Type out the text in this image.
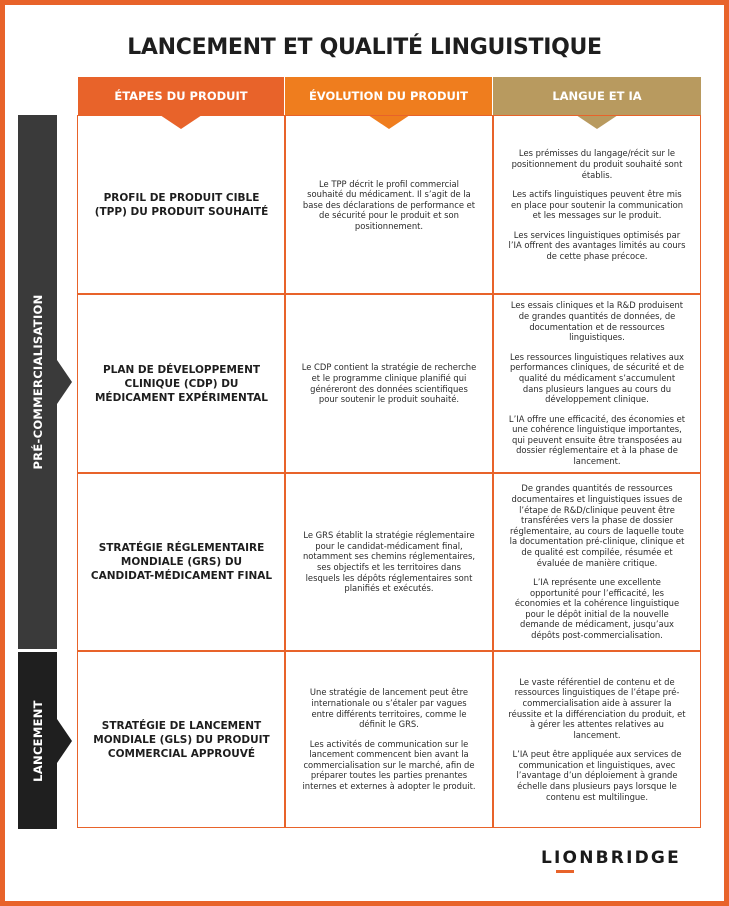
LANCEMENT ET QUALITÉ LINGUISTIQUE
ÉTAPES DU PRODUIT	ÉVOLUTION DU PRODUIT	LANGUE ET IA
PRÉ-COMMERCIALISATION
LANCEMENT
PROFIL DE PRODUIT CIBLE (TPP) DU PRODUIT SOUHAITÉ

Le TPP décrit le profil commercial souhaité du médicament. Il s’agit de la base des déclarations de performance et de sécurité pour le produit et son positionnement.

Les prémisses du langage/récit sur le positionnement du produit souhaité sont établis.

Les actifs linguistiques peuvent être mis en place pour soutenir la communication et les messages sur le produit.

Les services linguistiques optimisés par l’IA offrent des avantages limités au cours de cette phase précoce.

PLAN DE DÉVELOPPEMENT CLINIQUE (CDP) DU MÉDICAMENT EXPÉRIMENTAL

Le CDP contient la stratégie de recherche et le programme clinique planifié qui généreront des données scientifiques pour soutenir le produit souhaité.

Les essais cliniques et la R&D produisent de grandes quantités de données, de documentation et de ressources linguistiques.

Les ressources linguistiques relatives aux performances cliniques, de sécurité et de qualité du médicament s’accumulent dans plusieurs langues au cours du développement clinique.

L’IA offre une efficacité, des économies et une cohérence linguistique importantes, qui peuvent ensuite être transposées au dossier réglementaire et à la phase de lancement.

STRATÉGIE RÉGLEMENTAIRE MONDIALE (GRS) DU CANDIDAT-MÉDICAMENT FINAL

Le GRS établit la stratégie réglementaire pour le candidat-médicament final, notamment ses chemins réglementaires, ses objectifs et les territoires dans lesquels les dépôts réglementaires sont planifiés et exécutés.

De grandes quantités de ressources documentaires et linguistiques issues de l’étape de R&D/clinique peuvent être transférées vers la phase de dossier réglementaire, au cours de laquelle toute la documentation pré-clinique, clinique et de qualité est compilée, résumée et évaluée de manière critique.

L’IA représente une excellente opportunité pour l’efficacité, les économies et la cohérence linguistique pour le dépôt initial de la nouvelle demande de médicament, jusqu’aux dépôts post-commercialisation.

STRATÉGIE DE LANCEMENT MONDIALE (GLS) DU PRODUIT COMMERCIAL APPROUVÉ

Une stratégie de lancement peut être internationale ou s’étaler par vagues entre différents territoires, comme le définit le GRS.

Les activités de communication sur le lancement commencent bien avant la commercialisation sur le marché, afin de préparer toutes les parties prenantes internes et externes à adopter le produit.

Le vaste référentiel de contenu et de ressources linguistiques de l’étape pré-commercialisation aide à assurer la réussite et la différenciation du produit, et à gérer les attentes relatives au lancement.

L’IA peut être appliquée aux services de communication et linguistiques, avec l’avantage d’un déploiement à grande échelle dans plusieurs pays lorsque le contenu est multilingue.

LIONBRIDGE
